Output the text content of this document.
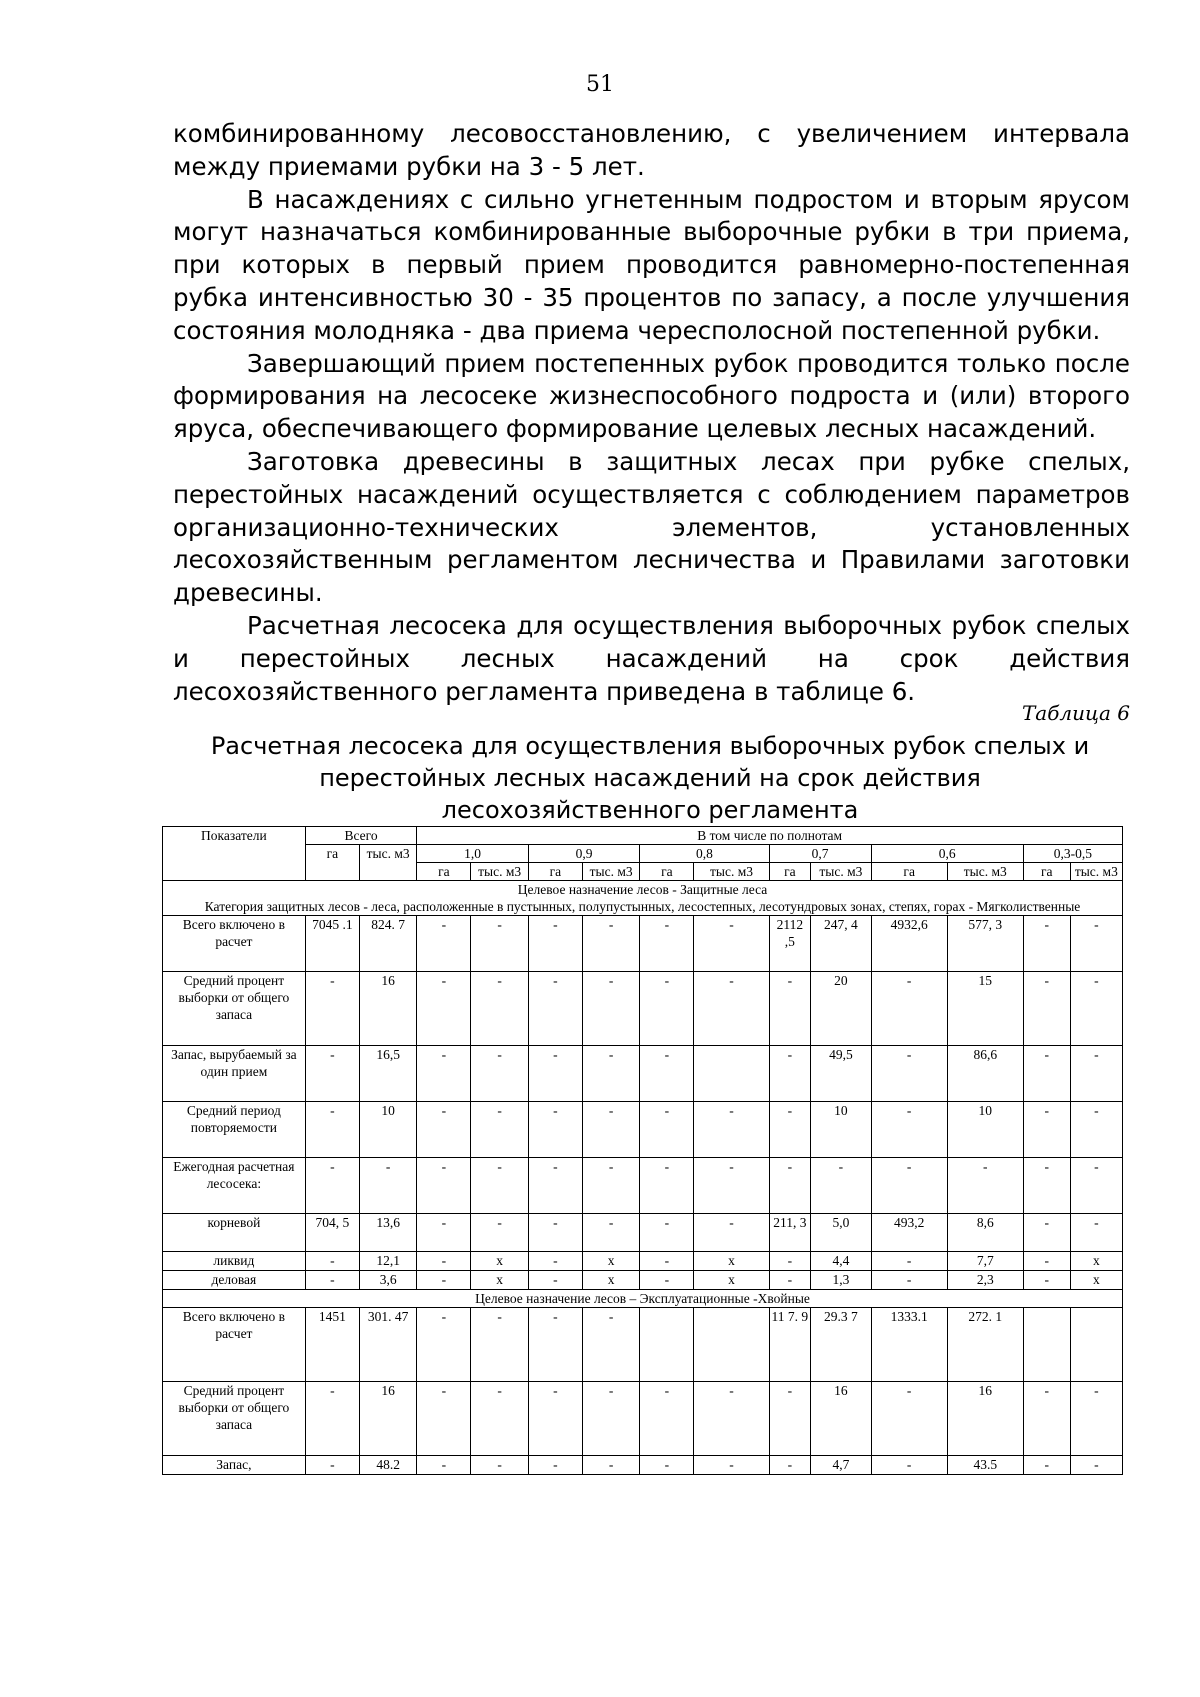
51

комбинированному лесовосстановлению, с увеличением интервала между приемами рубки на 3 - 5 лет.

В насаждениях с сильно угнетенным подростом и вторым ярусом могут назначаться комбинированные выборочные рубки в три приема, при которых в первый прием проводится равномерно-постепенная рубка интенсивностью 30 - 35 процентов по запасу, а после улучшения состояния молодняка - два приема чересполосной постепенной рубки.

Завершающий прием постепенных рубок проводится только после формирования на лесосеке жизнеспособного подроста и (или) второго яруса, обеспечивающего формирование целевых лесных насаждений.

Заготовка древесины в защитных лесах при рубке спелых, перестойных насаждений осуществляется с соблюдением параметров организационно-технических элементов, установленных лесохозяйственным регламентом лесничества и Правилами заготовки древесины.

Расчетная лесосека для осуществления выборочных рубок спелых и перестойных лесных насаждений на срок действия лесохозяйственного регламента приведена в таблице 6.

Таблица 6
Расчетная лесосека для осуществления выборочных рубок спелых и перестойных лесных насаждений на срок действия лесохозяйственного регламента
Показатели	Всего		В том числе по полнотам											
	га	тыс. м3	1,0		0,9		0,8		0,7		0,6		0,3-0,5	
			га	тыс. м3	га	тыс. м3	га	тыс. м3	га	тыс. м3	га	тыс. м3	га	тыс. м3

Целевое назначение лесов - Защитные леса
Категория защитных лесов - леса, расположенные в пустынных, полупустынных, лесостепных, лесотундровых зонах, степях, горах - Мягколиственные														

Всего включено в расчет	7045 .1	824. 7	-	-	-	-	-	-	2112 ,5	247, 4	4932,6	577, 3	-	-
Средний процент выборки от общего запаса	-	16	-	-	-	-	-	-	-	20	-	15	-	-
Запас, вырубаемый за один прием	-	16,5	-	-	-	-	-		-	49,5	-	86,6	-	-
Средний период повторяемости	-	10	-	-	-	-	-	-	-	10	-	10	-	-
Ежегодная расчетная лесосека:	-	-	-	-	-	-	-	-	-	-	-	-	-	-
корневой	704, 5	13,6	-	-	-	-	-	-	211, 3	5,0	493,2	8,6	-	-
ликвид	-	12,1	-	х	-	х	-	х	-	4,4	-	7,7	-	х
деловая	-	3,6	-	х	-	х	-	х	-	1,3	-	2,3	-	х
Целевое назначение лесов – Эксплуатационные -Хвойные														
Всего включено в расчет	1451	301. 47	-	-	-	-			11 7. 9	29.3 7	1333.1	272. 1		
Средний процент выборки от общего запаса	-	16	-	-	-	-	-	-	-	16	-	16	-	-
Запас,	-	48.2	-	-	-	-	-	-	-	4,7	-	43.5	-	-
